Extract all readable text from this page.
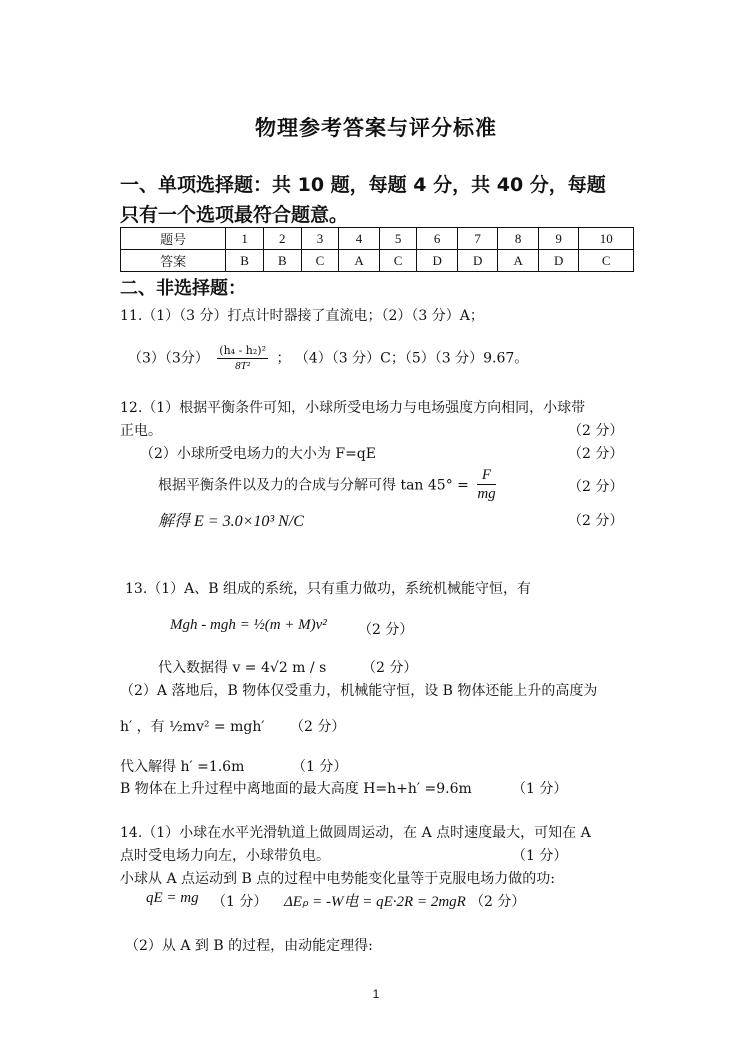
物理参考答案与评分标准
一、单项选择题：共 10 题，每题 4 分，共 40 分，每题
只有一个选项最符合题意。
题号	1	2	3	4	5	6	7	8	9	10
答案	B	B	C	A	C	D	D	A	D	C
二、非选择题：
11.（1）（3 分）打点计时器接了直流电；（2）（3 分）A；
（3）（3分） $\frac{\text{(h₄ - h₂)²}}{\text{8T²}}$ ； （4）（3 分）C；（5）（3 分）9.67。
12.（1）根据平衡条件可知，小球所受电场力与电场强度方向相同，小球带
正电。	（2 分）
（2）小球所受电场力的大小为 F=qE	（2 分）
根据平衡条件以及力的合成与分解可得 $\tan 45^\circ = \frac{F}{mg}$	（2 分）
解得 E = 3.0×10³ N/C	（2 分）
13.（1）A、B 组成的系统，只有重力做功，系统机械能守恒，有
Mgh - mgh = ½(m + M)v² （2 分）
代入数据得 v = 4√2 m / s	（2 分）
（2）A 落地后，B 物体仅受重力，机械能守恒，设 B 物体还能上升的高度为
h′ ，有 ½mv² = mgh′ （2 分）
代入解得 h′ =1.6m	（1 分）
B 物体在上升过程中离地面的最大高度 H=h+h′ =9.6m	（1 分）
14.（1）小球在水平光滑轨道上做圆周运动，在 A 点时速度最大，可知在 A
点时受电场力向左，小球带负电。	（1 分）
小球从 A 点运动到 B 点的过程中电势能变化量等于克服电场力做的功:
qE = mg （1 分） ΔEₚ = -W电 = qE·2R = 2mgR （2 分）
（2）从 A 到 B 的过程，由动能定理得:
1
